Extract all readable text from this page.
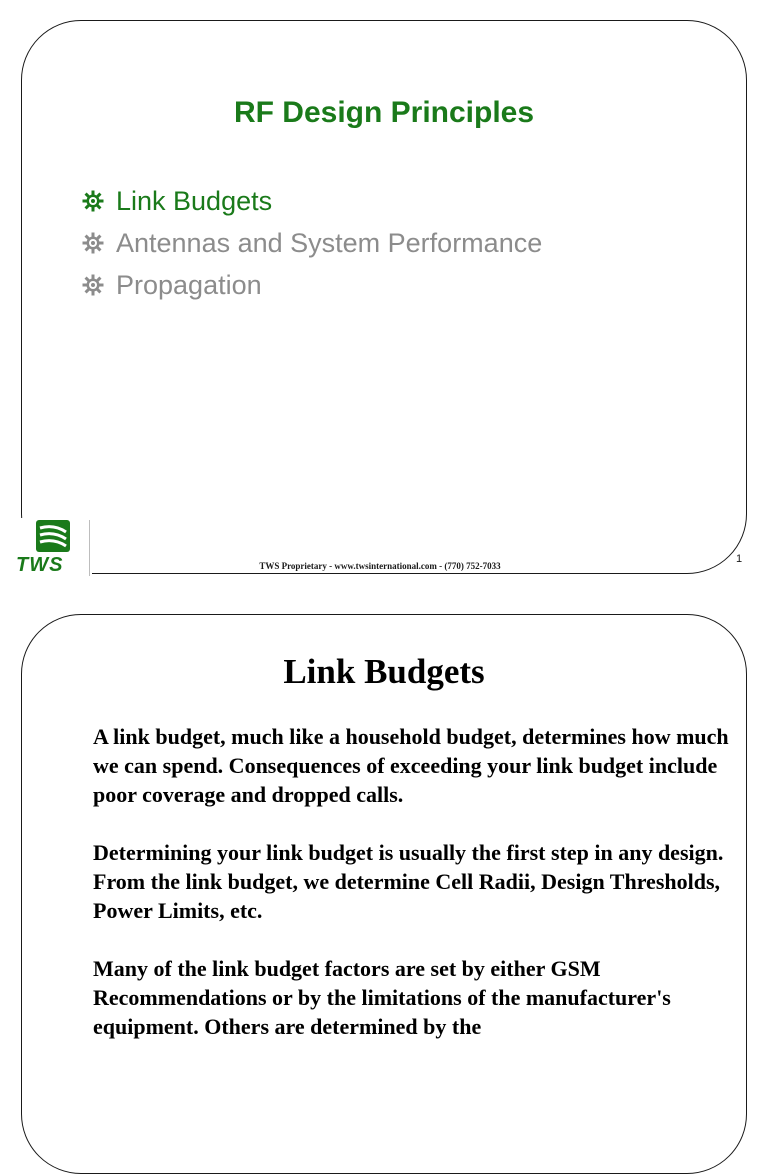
RF Design Principles
Link Budgets
Antennas and System Performance
Propagation
TWS	TWS Proprietary - www.twsinternational.com - (770) 752-7033
1
Link Budgets

A link budget, much like a household budget, determines how much we can spend. Consequences of exceeding your link budget include poor coverage and dropped calls.

Determining your link budget is usually the first step in any design. From the link budget, we determine Cell Radii, Design Thresholds, Power Limits, etc.

Many of the link budget factors are set by either GSM Recommendations or by the limitations of the manufacturer's equipment. Others are determined by the
